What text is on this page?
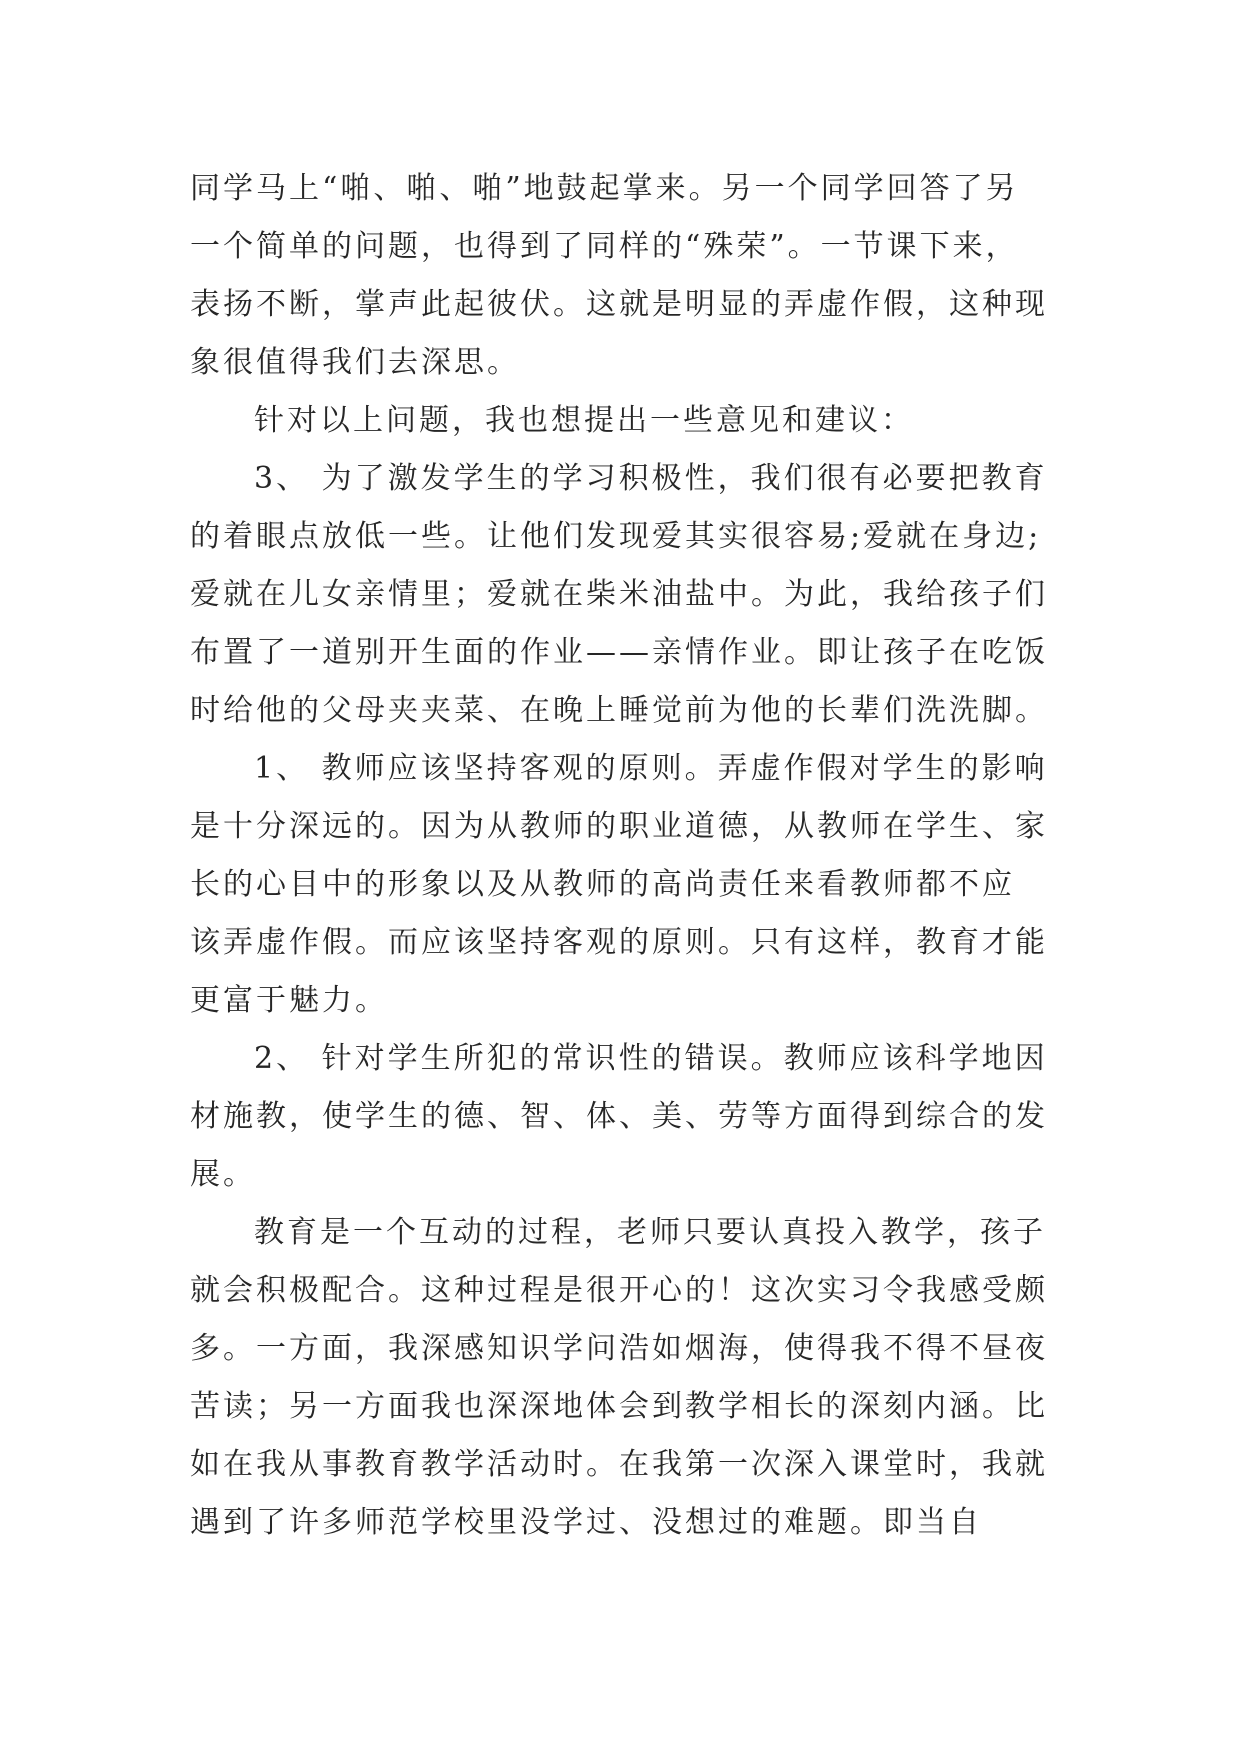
同学马上“啪、啪、啪”地鼓起掌来。另一个同学回答了另
一个简单的问题，也得到了同样的“殊荣”。一节课下来，
表扬不断，掌声此起彼伏。这就是明显的弄虚作假，这种现
象很值得我们去深思。
针对以上问题，我也想提出一些意见和建议：
3、 为了激发学生的学习积极性，我们很有必要把教育
的着眼点放低一些。让他们发现爱其实很容易;爱就在身边;
爱就在儿女亲情里；爱就在柴米油盐中。为此，我给孩子们
布置了一道别开生面的作业——亲情作业。即让孩子在吃饭
时给他的父母夹夹菜、在晚上睡觉前为他的长辈们洗洗脚。
1、 教师应该坚持客观的原则。弄虚作假对学生的影响
是十分深远的。因为从教师的职业道德，从教师在学生、家
长的心目中的形象以及从教师的高尚责任来看教师都不应
该弄虚作假。而应该坚持客观的原则。只有这样，教育才能
更富于魅力。
2、 针对学生所犯的常识性的错误。教师应该科学地因
材施教，使学生的德、智、体、美、劳等方面得到综合的发
展。
教育是一个互动的过程，老师只要认真投入教学，孩子
就会积极配合。这种过程是很开心的！这次实习令我感受颇
多。一方面，我深感知识学问浩如烟海，使得我不得不昼夜
苦读；另一方面我也深深地体会到教学相长的深刻内涵。比
如在我从事教育教学活动时。在我第一次深入课堂时，我就
遇到了许多师范学校里没学过、没想过的难题。即当自
